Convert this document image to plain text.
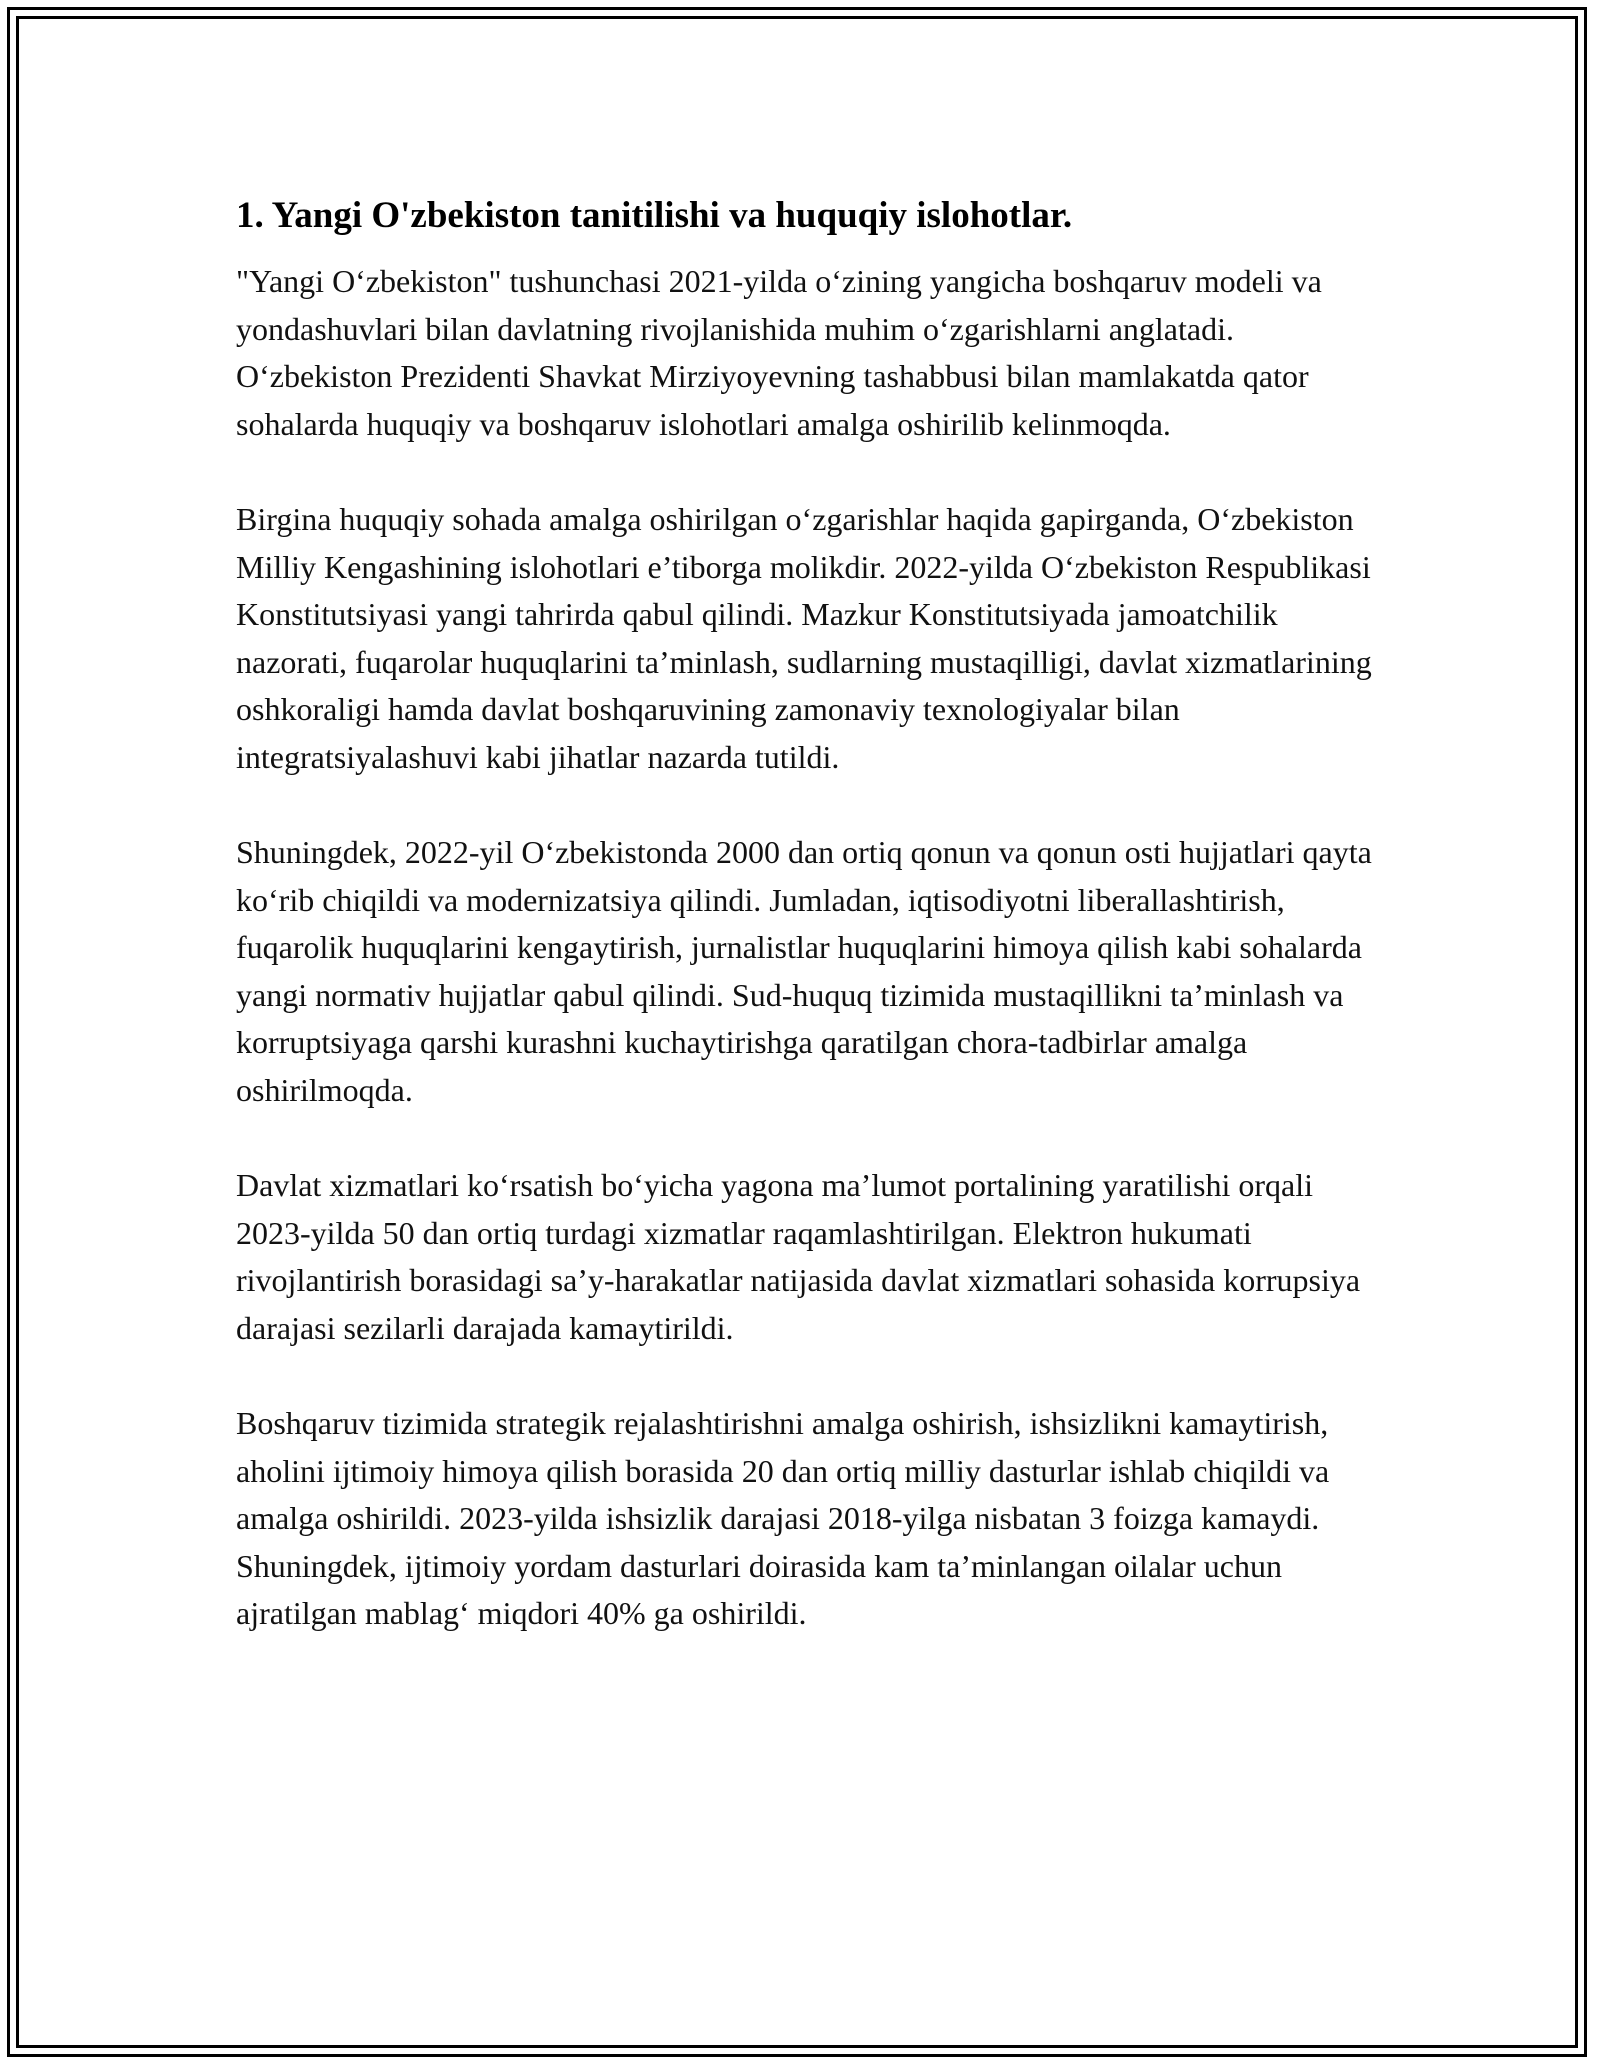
1. Yangi O'zbekiston tanitilishi va huquqiy islohotlar.

"Yangi O‘zbekiston" tushunchasi 2021-yilda o‘zining yangicha boshqaruv modeli va yondashuvlari bilan davlatning rivojlanishida muhim o‘zgarishlarni anglatadi. O‘zbekiston Prezidenti Shavkat Mirziyoyevning tashabbusi bilan mamlakatda qator sohalarda huquqiy va boshqaruv islohotlari amalga oshirilib kelinmoqda.

Birgina huquqiy sohada amalga oshirilgan o‘zgarishlar haqida gapirganda, O‘zbekiston Milliy Kengashining islohotlari e’tiborga molikdir. 2022-yilda O‘zbekiston Respublikasi Konstitutsiyasi yangi tahrirda qabul qilindi. Mazkur Konstitutsiyada jamoatchilik nazorati, fuqarolar huquqlarini ta’minlash, sudlarning mustaqilligi, davlat xizmatlarining oshkoraligi hamda davlat boshqaruvining zamonaviy texnologiyalar bilan integratsiyalashuvi kabi jihatlar nazarda tutildi.

Shuningdek, 2022-yil O‘zbekistonda 2000 dan ortiq qonun va qonun osti hujjatlari qayta ko‘rib chiqildi va modernizatsiya qilindi. Jumladan, iqtisodiyotni liberallashtirish, fuqarolik huquqlarini kengaytirish, jurnalistlar huquqlarini himoya qilish kabi sohalarda yangi normativ hujjatlar qabul qilindi. Sud-huquq tizimida mustaqillikni ta’minlash va korruptsiyaga qarshi kurashni kuchaytirishga qaratilgan chora-tadbirlar amalga oshirilmoqda.

Davlat xizmatlari ko‘rsatish bo‘yicha yagona ma’lumot portalining yaratilishi orqali 2023-yilda 50 dan ortiq turdagi xizmatlar raqamlashtirilgan. Elektron hukumati rivojlantirish borasidagi sa’y-harakatlar natijasida davlat xizmatlari sohasida korrupsiya darajasi sezilarli darajada kamaytirildi.

Boshqaruv tizimida strategik rejalashtirishni amalga oshirish, ishsizlikni kamaytirish, aholini ijtimoiy himoya qilish borasida 20 dan ortiq milliy dasturlar ishlab chiqildi va amalga oshirildi. 2023-yilda ishsizlik darajasi 2018-yilga nisbatan 3 foizga kamaydi. Shuningdek, ijtimoiy yordam dasturlari doirasida kam ta’minlangan oilalar uchun ajratilgan mablag‘ miqdori 40% ga oshirildi.
